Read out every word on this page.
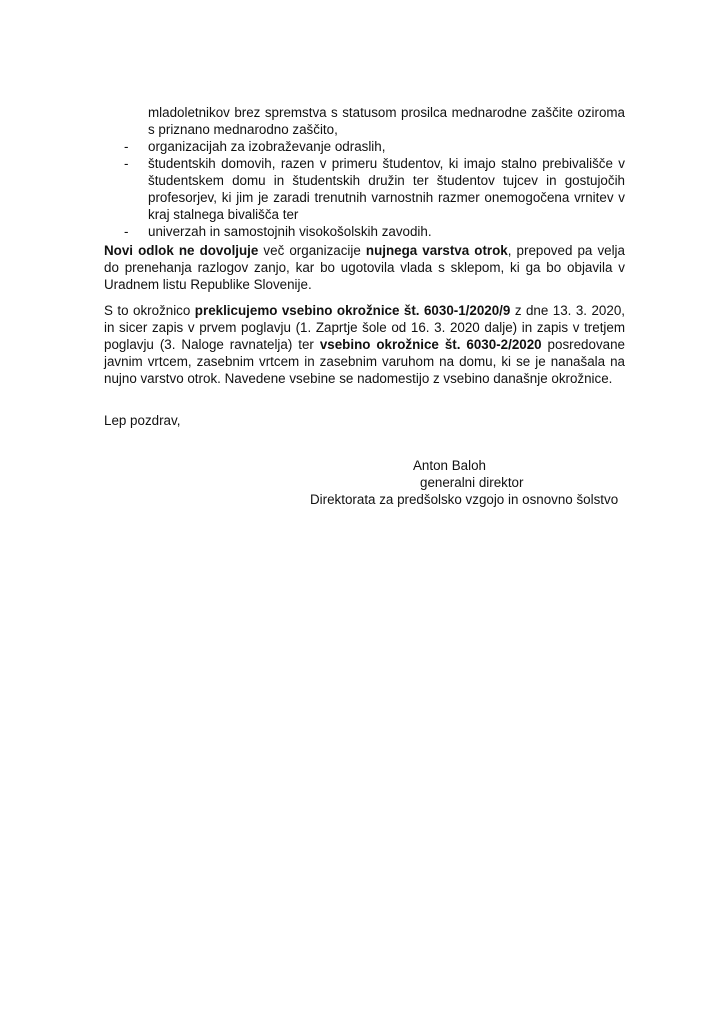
mladoletnikov brez spremstva s statusom prosilca mednarodne zaščite oziroma s priznano mednarodno zaščito,
- organizacijah za izobraževanje odraslih,
- študentskih domovih, razen v primeru študentov, ki imajo stalno prebivališče v študentskem domu in študentskih družin ter študentov tujcev in gostujočih profesorjev, ki jim je zaradi trenutnih varnostnih razmer onemogočena vrnitev v kraj stalnega bivališča ter
- univerzah in samostojnih visokošolskih zavodih.

Novi odlok ne dovoljuje več organizacije nujnega varstva otrok, prepoved pa velja do prenehanja razlogov zanjo, kar bo ugotovila vlada s sklepom, ki ga bo objavila v Uradnem listu Republike Slovenije.

S to okrožnico preklicujemo vsebino okrožnice št. 6030-1/2020/9 z dne 13. 3. 2020, in sicer zapis v prvem poglavju (1. Zaprtje šole od 16. 3. 2020 dalje) in zapis v tretjem poglavju (3. Naloge ravnatelja) ter vsebino okrožnice št. 6030-2/2020 posredovane javnim vrtcem, zasebnim vrtcem in zasebnim varuhom na domu, ki se je nanašala na nujno varstvo otrok. Navedene vsebine se nadomestijo z vsebino današnje okrožnice.

Lep pozdrav,

Anton Baloh

generalni direktor

Direktorata za predšolsko vzgojo in osnovno šolstvo
